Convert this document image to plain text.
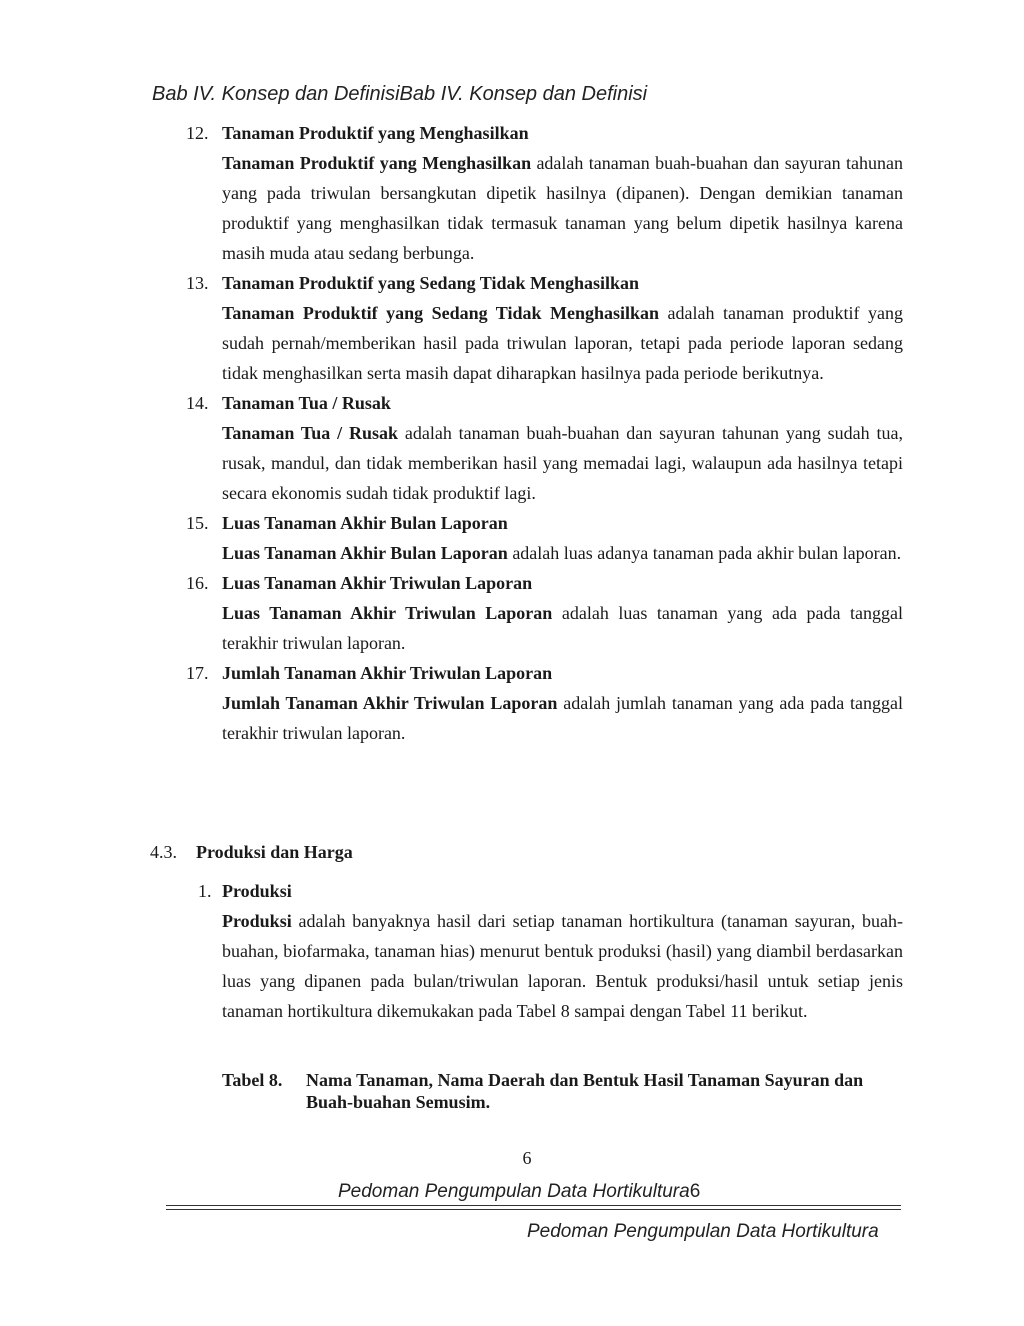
Bab IV. Konsep dan DefinisiBab IV. Konsep dan Definisi
12. Tanaman Produktif yang Menghasilkan
Tanaman Produktif yang Menghasilkan adalah tanaman buah-buahan dan sayuran tahunan yang pada triwulan bersangkutan dipetik hasilnya (dipanen). Dengan demikian tanaman produktif yang menghasilkan tidak termasuk tanaman yang belum dipetik hasilnya karena masih muda atau sedang berbunga.
13. Tanaman Produktif yang Sedang Tidak Menghasilkan
Tanaman Produktif yang Sedang Tidak Menghasilkan adalah tanaman produktif yang sudah pernah/memberikan hasil pada triwulan laporan, tetapi pada periode laporan sedang tidak menghasilkan serta masih dapat diharapkan hasilnya pada periode berikutnya.
14. Tanaman Tua / Rusak
Tanaman Tua / Rusak adalah tanaman buah-buahan dan sayuran tahunan yang sudah tua, rusak, mandul, dan tidak memberikan hasil yang memadai lagi, walaupun ada hasilnya tetapi secara ekonomis sudah tidak produktif lagi.
15. Luas Tanaman Akhir Bulan Laporan
Luas Tanaman Akhir Bulan Laporan adalah luas adanya tanaman pada akhir bulan laporan.
16. Luas Tanaman Akhir Triwulan Laporan
Luas Tanaman Akhir Triwulan Laporan adalah luas tanaman yang ada pada tanggal terakhir triwulan laporan.
17. Jumlah Tanaman Akhir Triwulan Laporan
Jumlah Tanaman Akhir Triwulan Laporan adalah jumlah tanaman yang ada pada tanggal terakhir triwulan laporan.
4.3. Produksi dan Harga
1. Produksi
Produksi adalah banyaknya hasil dari setiap tanaman hortikultura (tanaman sayuran, buah-buahan, biofarmaka, tanaman hias) menurut bentuk produksi (hasil) yang diambil berdasarkan luas yang dipanen pada bulan/triwulan laporan. Bentuk produksi/hasil untuk setiap jenis tanaman hortikultura dikemukakan pada Tabel 8 sampai dengan Tabel 11 berikut.
Tabel 8. Nama Tanaman, Nama Daerah dan Bentuk Hasil Tanaman Sayuran dan Buah-buahan Semusim.
6
Pedoman Pengumpulan Data Hortikultura6
Pedoman Pengumpulan Data Hortikultura
